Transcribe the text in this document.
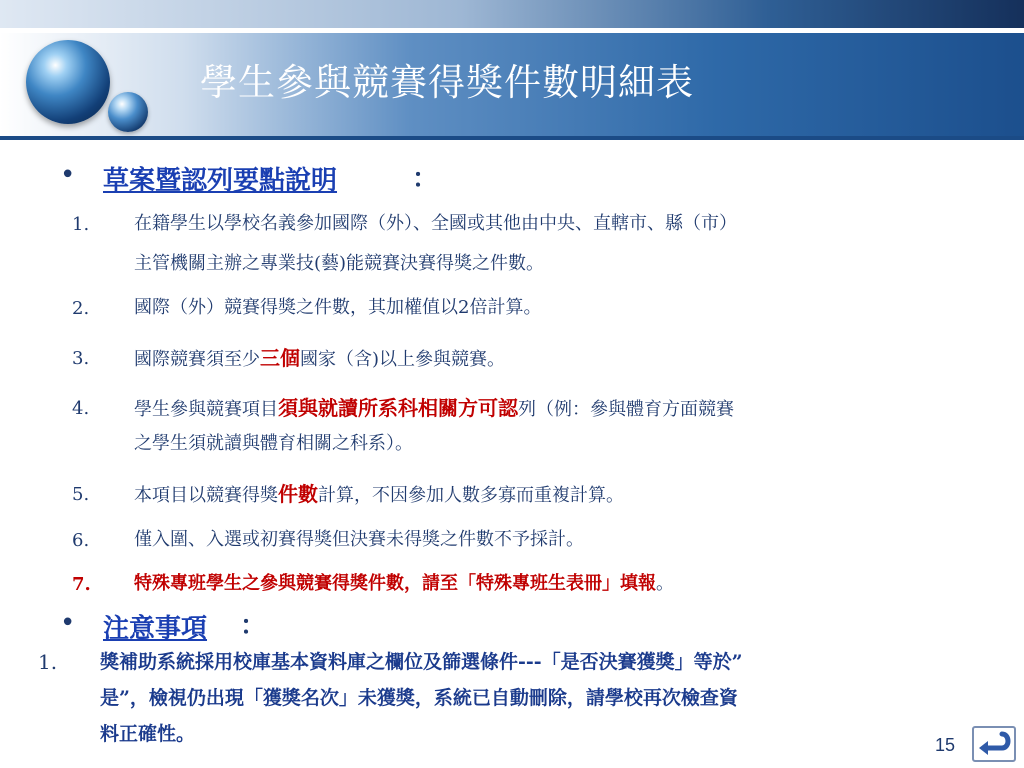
學生參與競賽得獎件數明細表
• 草案暨認列要點說明	：
1. 在籍學生以學校名義參加國際（外）、全國或其他由中央、直轄市、縣（市）
主管機關主辦之專業技(藝)能競賽決賽得獎之件數。
2. 國際（外）競賽得獎之件數，其加權值以2倍計算。
3. 國際競賽須至少三個國家（含)以上參與競賽。
4. 學生參與競賽項目須與就讀所系科相關方可認列（例：參與體育方面競賽
之學生須就讀與體育相關之科系）。
5. 本項目以競賽得獎件數計算，不因參加人數多寡而重複計算。
6. 僅入圍、入選或初賽得獎但決賽未得獎之件數不予採計。
7. 特殊專班學生之參與競賽得獎件數，請至「特殊專班生表冊」填報。
• 注意事項 ：
1. 獎補助系統採用校庫基本資料庫之欄位及篩選條件---「是否決賽獲獎」等於”
是”，檢視仍出現「獲獎名次」未獲獎，系統已自動刪除，請學校再次檢查資
料正確性。	15
